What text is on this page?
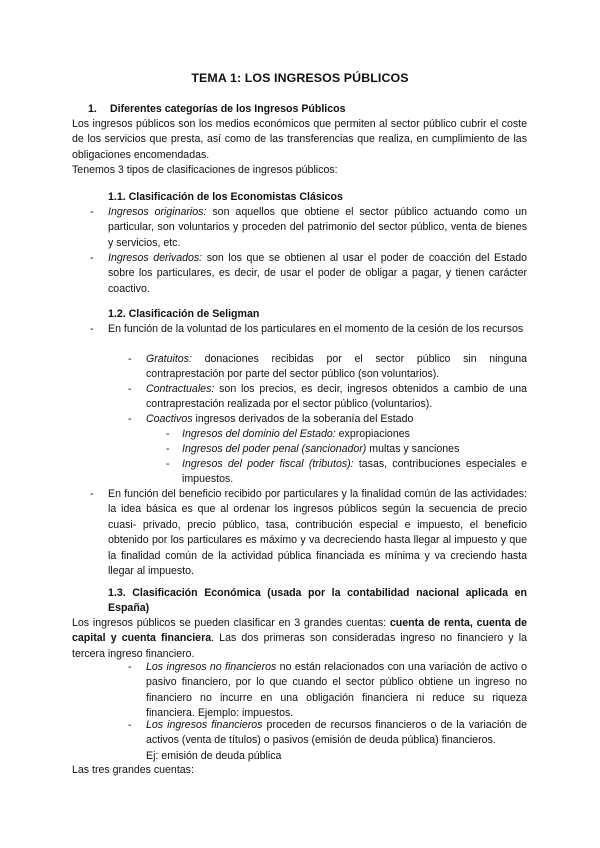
TEMA 1: LOS INGRESOS PÚBLICOS
1. Diferentes categorías de los Ingresos Públicos

Los ingresos públicos son los medios económicos que permiten al sector público cubrir el coste de los servicios que presta, así como de las transferencias que realiza, en cumplimiento de las obligaciones encomendadas.

Tenemos 3 tipos de clasificaciones de ingresos públicos:

1.1. Clasificación de los Economistas Clásicos
- Ingresos originarios: son aquellos que obtiene el sector público actuando como un particular, son voluntarios y proceden del patrimonio del sector público, venta de bienes y servicios, etc.

- Ingresos derivados: son los que se obtienen al usar el poder de coacción del Estado sobre los particulares, es decir, de usar el poder de obligar a pagar, y tienen carácter coactivo.

1.2. Clasificación de Seligman
- En función de la voluntad de los particulares en el momento de la cesión de los recursos

- Gratuitos: donaciones recibidas por el sector público sin ninguna contraprestación por parte del sector público (son voluntarios).

- Contractuales: son los precios, es decir, ingresos obtenidos a cambio de una contraprestación realizada por el sector público (voluntarios).

- Coactivos ingresos derivados de la soberanía del Estado

- Ingresos del dominio del Estado: expropiaciones

- Ingresos del poder penal (sancionador) multas y sanciones

- Ingresos del poder fiscal (tributos): tasas, contribuciones especiales e impuestos.

- En función del beneficio recibido por particulares y la finalidad común de las actividades: la idea básica es que al ordenar los ingresos públicos según la secuencia de precio cuasi- privado, precio público, tasa, contribución especial e impuesto, el beneficio obtenido por los particulares es máximo y va decreciendo hasta llegar al impuesto y que la finalidad común de la actividad pública financiada es mínima y va creciendo hasta llegar al impuesto.

1.3. Clasificación Económica (usada por la contabilidad nacional aplicada en España)

Los ingresos públicos se pueden clasificar en 3 grandes cuentas: cuenta de renta, cuenta de capital y cuenta financiera. Las dos primeras son consideradas ingreso no financiero y la tercera ingreso financiero.

- Los ingresos no financieros no están relacionados con una variación de activo o pasivo financiero, por lo que cuando el sector público obtiene un ingreso no financiero no incurre en una obligación financiera ni reduce su riqueza financiera. Ejemplo: impuestos.

- Los ingresos financieros proceden de recursos financieros o de la variación de activos (venta de títulos) o pasivos (emisión de deuda pública) financieros.

Ej: emisión de deuda pública

Las tres grandes cuentas:
